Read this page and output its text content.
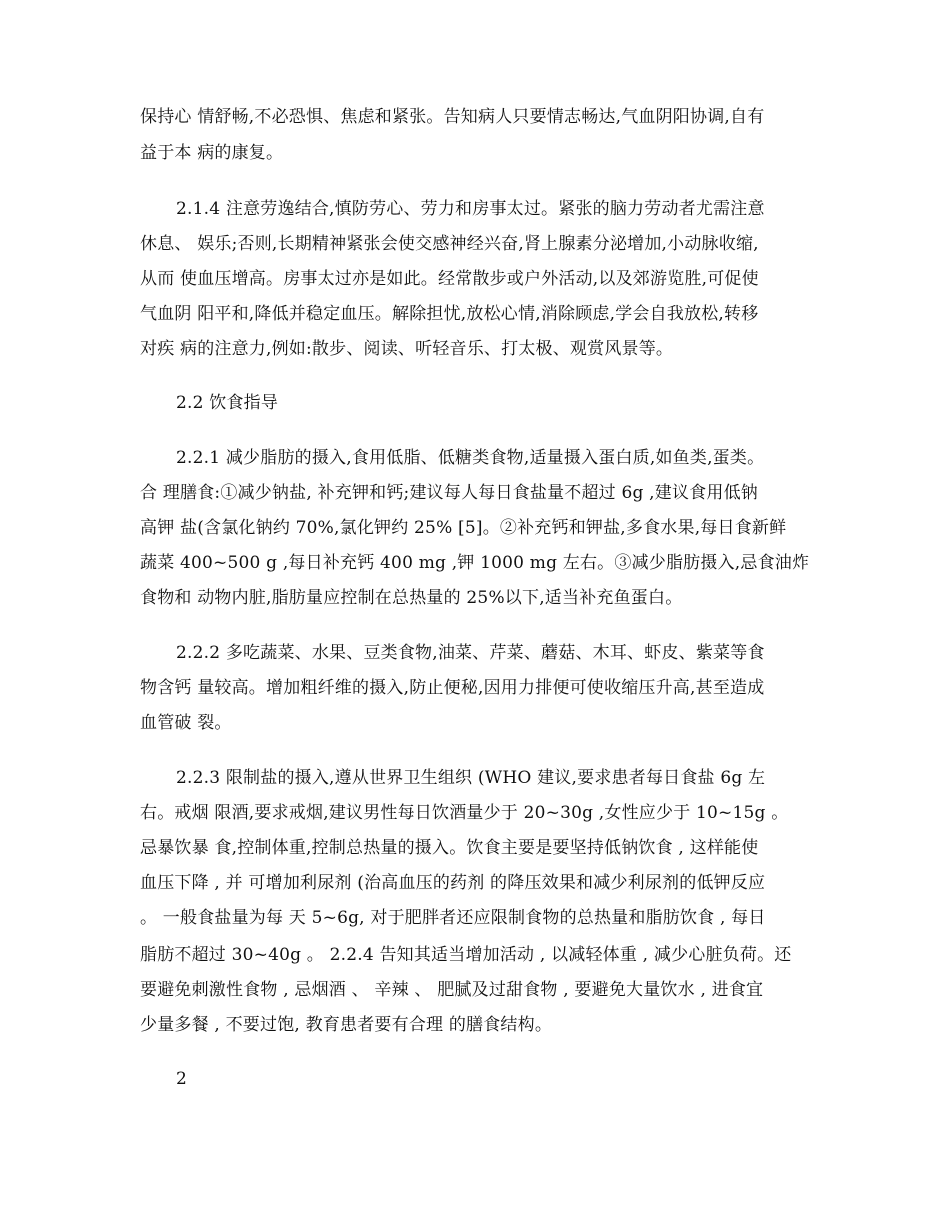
保持心 情舒畅,不必恐惧、焦虑和紧张。告知病人只要情志畅达,气血阴阳协调,自有
益于本 病的康复。
2.1.4 注意劳逸结合,慎防劳心、劳力和房事太过。紧张的脑力劳动者尤需注意
休息、 娱乐;否则,长期精神紧张会使交感神经兴奋,肾上腺素分泌增加,小动脉收缩,
从而 使血压增高。房事太过亦是如此。经常散步或户外活动,以及郊游览胜,可促使
气血阴 阳平和,降低并稳定血压。解除担忧,放松心情,消除顾虑,学会自我放松,转移
对疾 病的注意力,例如:散步、阅读、听轻音乐、打太极、观赏风景等。
2.2 饮食指导
2.2.1 减少脂肪的摄入,食用低脂、低糖类食物,适量摄入蛋白质,如鱼类,蛋类。
合 理膳食:①减少钠盐, 补充钾和钙;建议每人每日食盐量不超过 6g ,建议食用低钠
高钾 盐(含氯化钠约 70%,氯化钾约 25% [5]。②补充钙和钾盐,多食水果,每日食新鲜
蔬菜 400~500 g ,每日补充钙 400 mg ,钾 1000 mg 左右。③减少脂肪摄入,忌食油炸
食物和 动物内脏,脂肪量应控制在总热量的 25%以下,适当补充鱼蛋白。
2.2.2 多吃蔬菜、水果、豆类食物,油菜、芹菜、蘑菇、木耳、虾皮、紫菜等食
物含钙 量较高。增加粗纤维的摄入,防止便秘,因用力排便可使收缩压升高,甚至造成
血管破 裂。
2.2.3 限制盐的摄入,遵从世界卫生组织 (WHO 建议,要求患者每日食盐 6g 左
右。戒烟 限酒,要求戒烟,建议男性每日饮酒量少于 20~30g ,女性应少于 10~15g 。
忌暴饮暴 食,控制体重,控制总热量的摄入。饮食主要是要坚持低钠饮食 , 这样能使
血压下降 , 并 可增加利尿剂 (治高血压的药剂 的降压效果和减少利尿剂的低钾反应
。 一般食盐量为每 天 5~6g, 对于肥胖者还应限制食物的总热量和脂肪饮食 , 每日
脂肪不超过 30~40g 。 2.2.4 告知其适当增加活动 , 以减轻体重 , 减少心脏负荷。还
要避免刺激性食物 , 忌烟酒 、 辛辣 、 肥腻及过甜食物 , 要避免大量饮水 , 进食宜
少量多餐 , 不要过饱, 教育患者要有合理 的膳食结构。
2
